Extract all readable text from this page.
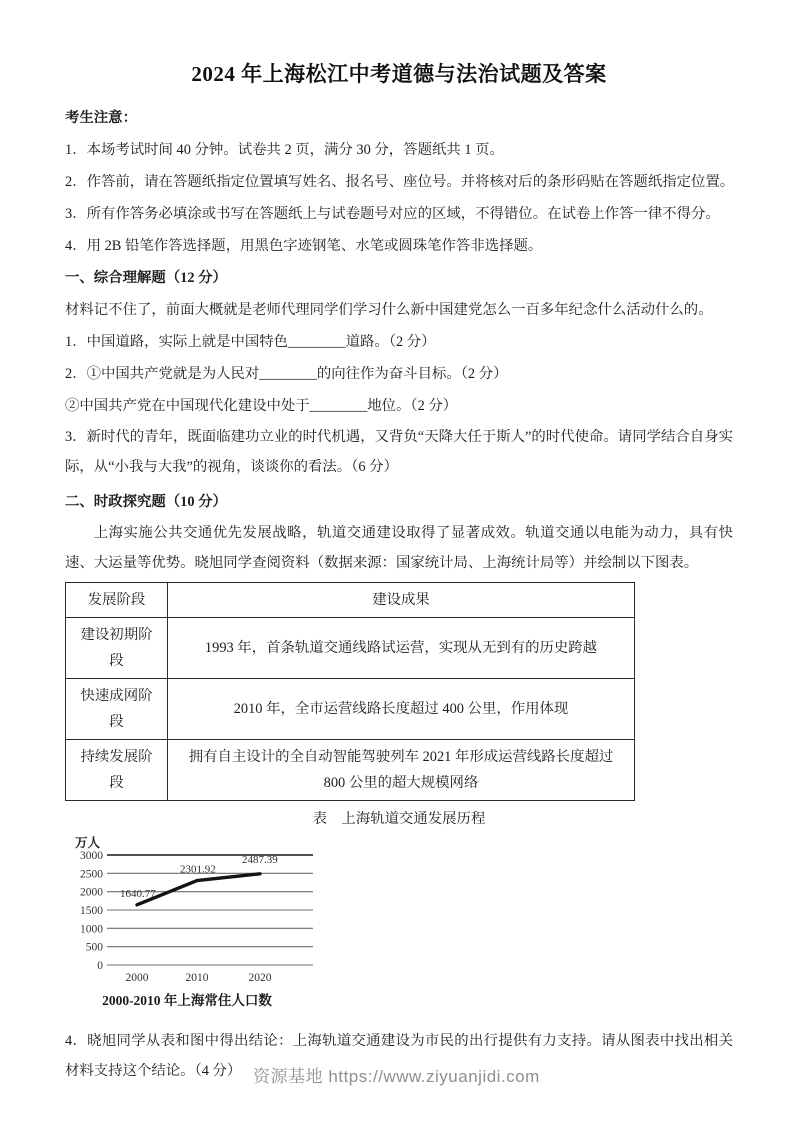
2024 年上海松江中考道德与法治试题及答案

考生注意：

1．本场考试时间 40 分钟。试卷共 2 页，满分 30 分，答题纸共 1 页。

2．作答前，请在答题纸指定位置填写姓名、报名号、座位号。并将核对后的条形码贴在答题纸指定位置。

3．所有作答务必填涂或书写在答题纸上与试卷题号对应的区域，不得错位。在试卷上作答一律不得分。

4．用 2B 铅笔作答选择题，用黑色字迹钢笔、水笔或圆珠笔作答非选择题。

一、综合理解题（12 分）

材料记不住了，前面大概就是老师代理同学们学习什么新中国建党怎么一百多年纪念什么活动什么的。

1．中国道路，实际上就是中国特色________道路。（2 分）

2．①中国共产党就是为人民对________的向往作为奋斗目标。（2 分）

②中国共产党在中国现代化建设中处于________地位。（2 分）

3．新时代的青年，既面临建功立业的时代机遇，又背负“天降大任于斯人”的时代使命。请同学结合自身实际，从“小我与大我”的视角，谈谈你的看法。（6 分）

二、时政探究题（10 分）

上海实施公共交通优先发展战略，轨道交通建设取得了显著成效。轨道交通以电能为动力，具有快速、大运量等优势。晓旭同学查阅资料（数据来源：国家统计局、上海统计局等）并绘制以下图表。

发展阶段	建设成果
建设初期阶段	1993 年，首条轨道交通线路试运营，实现从无到有的历史跨越
快速成网阶段	2010 年，全市运营线路长度超过 400 公里，作用体现
持续发展阶段	拥有自主设计的全自动智能驾驶列车 2021 年形成运营线路长度超过 800 公里的超大规模网络

表　上海轨道交通发展历程

万人
0
500
1000
1500
2000
2500
3000
1640.77
2301.92
2487.39
2000	2010	2020
2000-2010 年上海常住人口数

4．晓旭同学从表和图中得出结论：上海轨道交通建设为市民的出行提供有力支持。请从图表中找出相关材料支持这个结论。（4 分） 资源基地 https://www.ziyuanjidi.com
